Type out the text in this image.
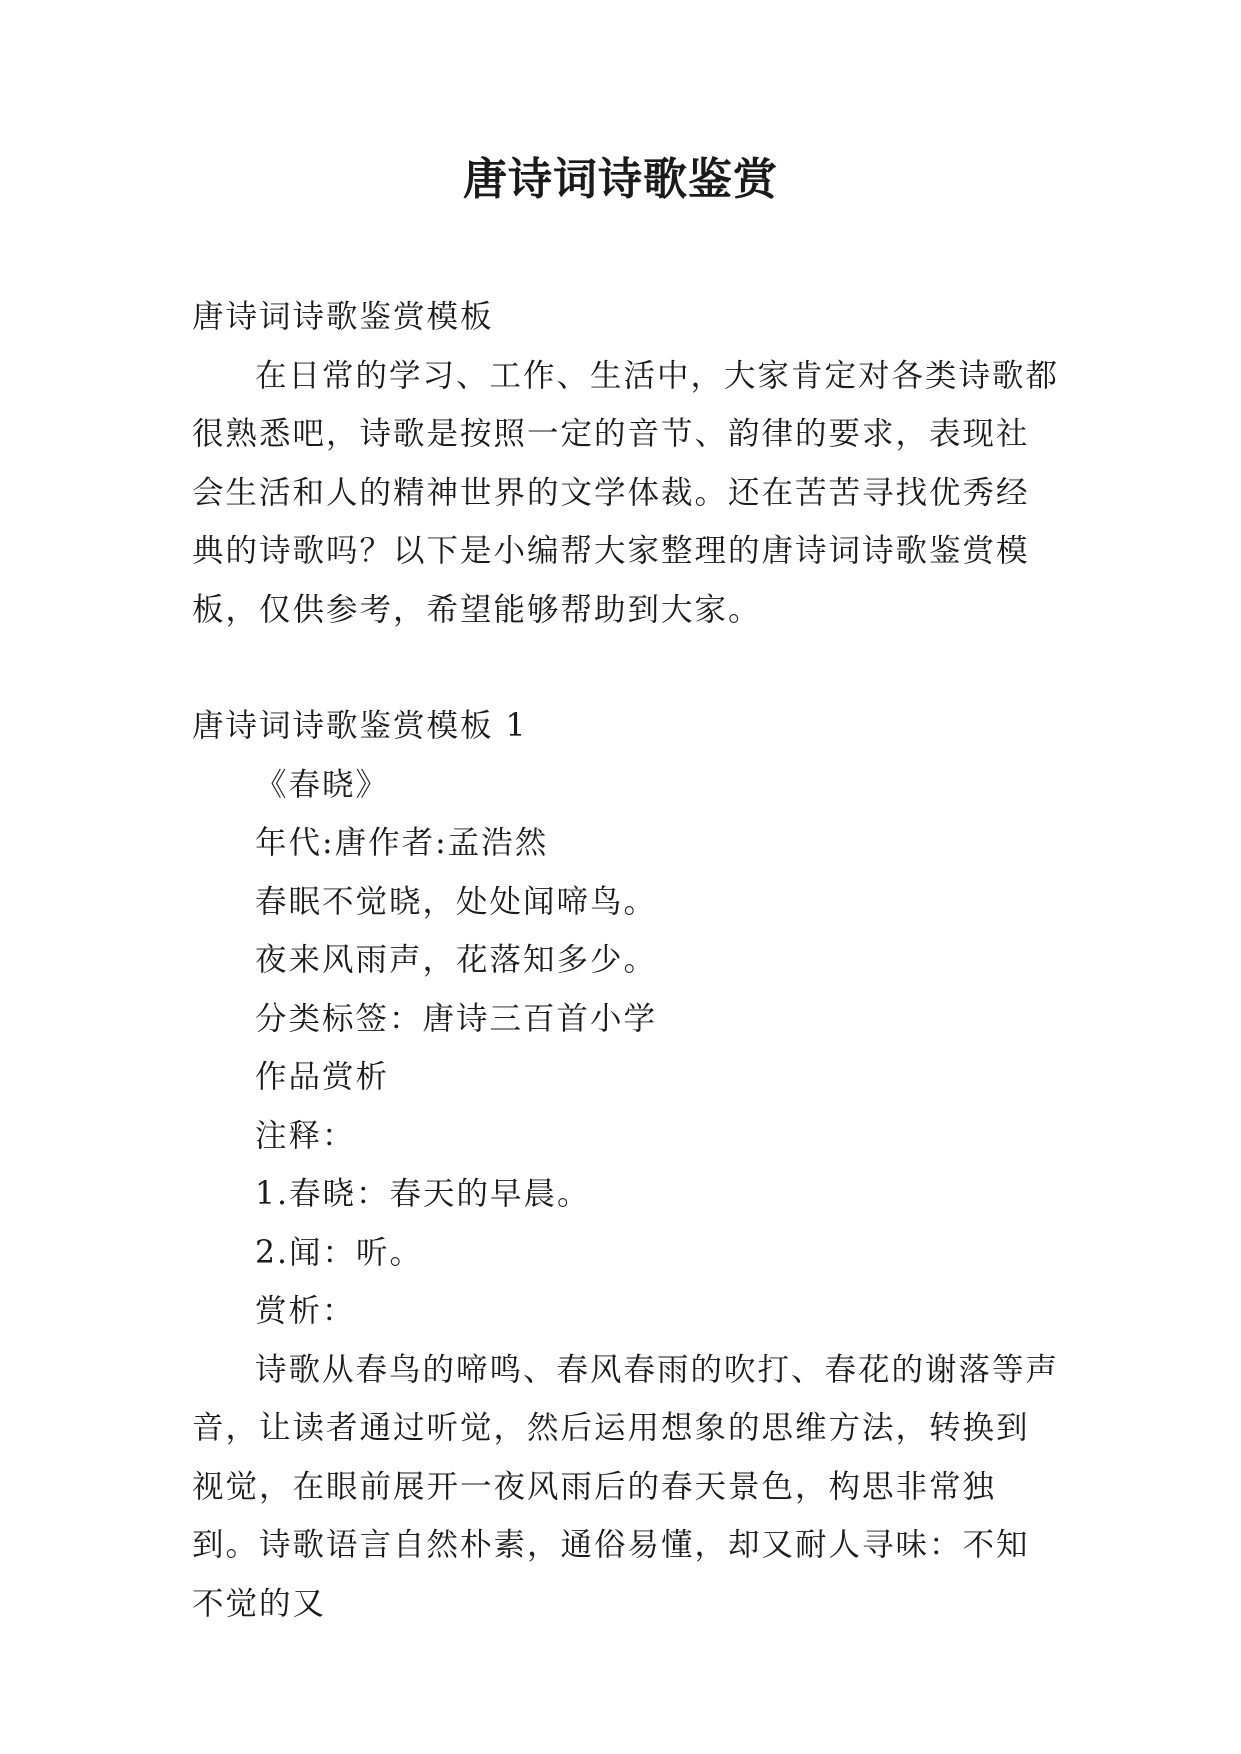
唐诗词诗歌鉴赏

唐诗词诗歌鉴赏模板

在日常的学习、工作、生活中，大家肯定对各类诗歌都很熟悉吧，诗歌是按照一定的音节、韵律的要求，表现社会生活和人的精神世界的文学体裁。还在苦苦寻找优秀经典的诗歌吗？以下是小编帮大家整理的唐诗词诗歌鉴赏模板，仅供参考，希望能够帮助到大家。

唐诗词诗歌鉴赏模板 1

《春晓》

年代:唐作者:孟浩然

春眠不觉晓，处处闻啼鸟。

夜来风雨声，花落知多少。

分类标签：唐诗三百首小学

作品赏析

注释：

1.春晓：春天的早晨。

2.闻：听。

赏析：

诗歌从春鸟的啼鸣、春风春雨的吹打、春花的谢落等声音，让读者通过听觉，然后运用想象的思维方法，转换到视觉，在眼前展开一夜风雨后的春天景色，构思非常独到。诗歌语言自然朴素，通俗易懂，却又耐人寻味：不知不觉的又
